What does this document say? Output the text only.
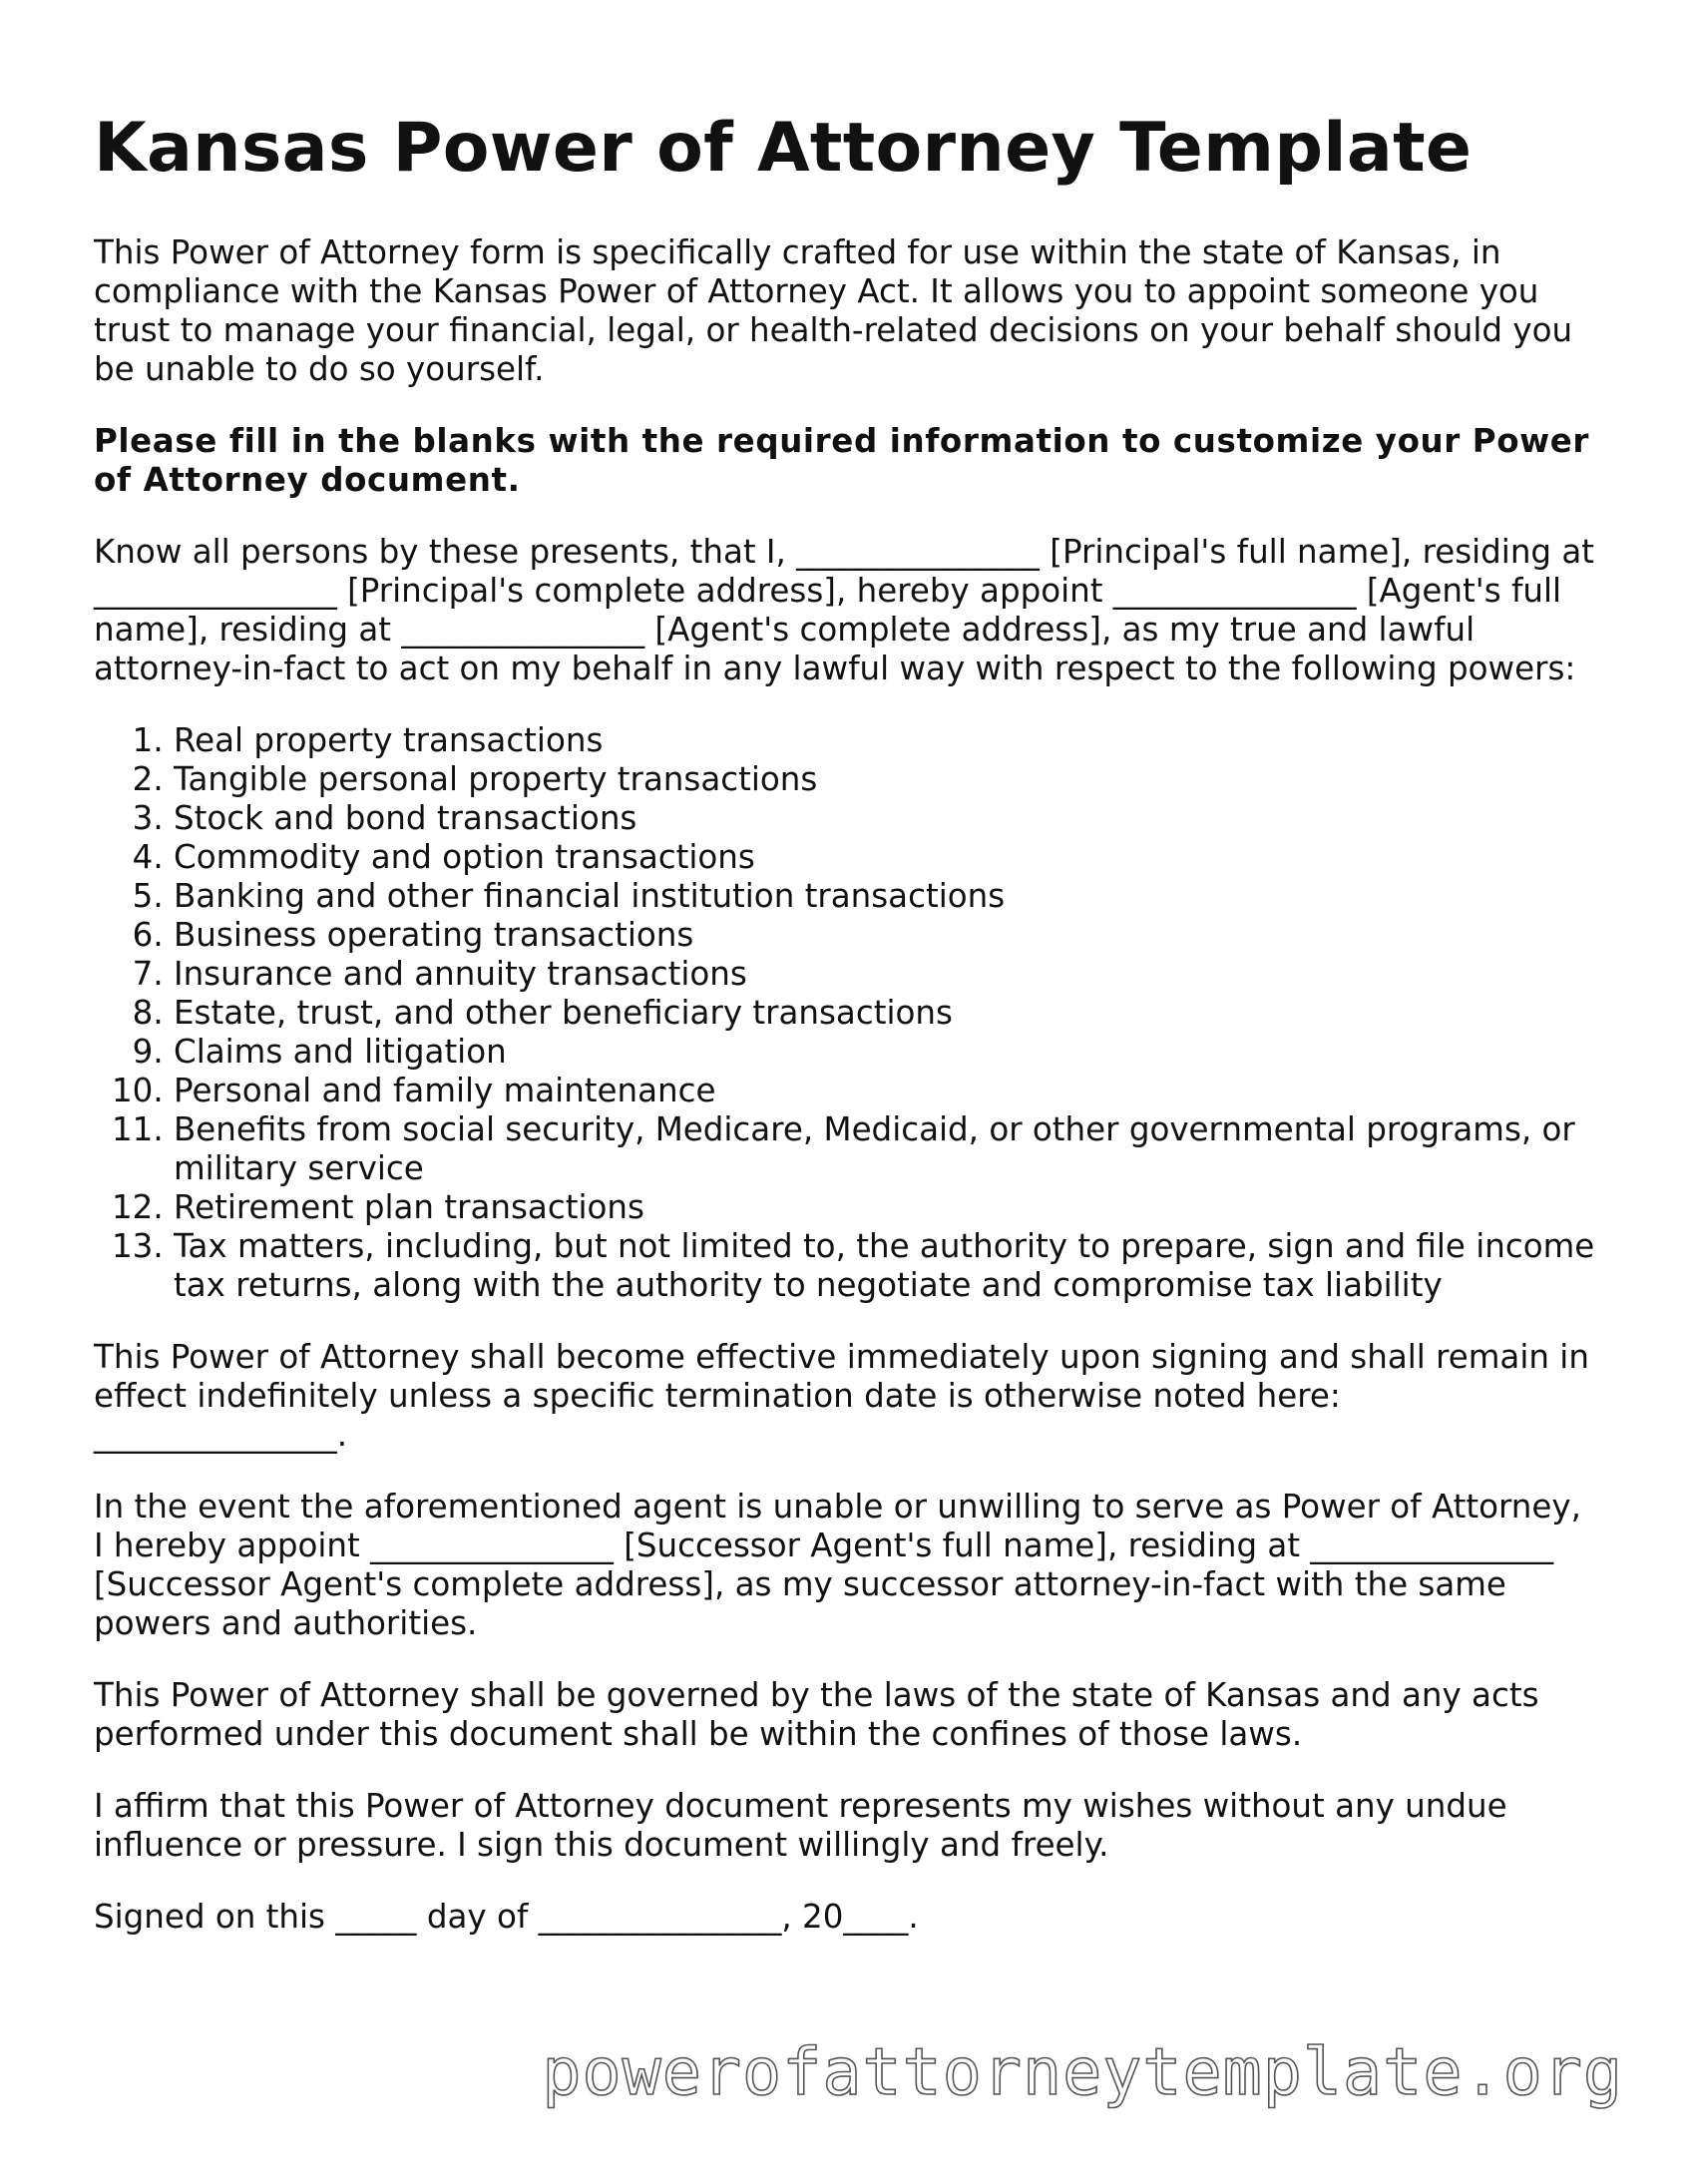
Kansas Power of Attorney Template

This Power of Attorney form is specifically crafted for use within the state of Kansas, in compliance with the Kansas Power of Attorney Act. It allows you to appoint someone you trust to manage your financial, legal, or health-related decisions on your behalf should you be unable to do so yourself.

Please fill in the blanks with the required information to customize your Power of Attorney document.

Know all persons by these presents, that I, _______________ [Principal's full name], residing at _______________ [Principal's complete address], hereby appoint _______________ [Agent's full name], residing at _______________ [Agent's complete address], as my true and lawful attorney-in-fact to act on my behalf in any lawful way with respect to the following powers:

1. Real property transactions
2. Tangible personal property transactions
3. Stock and bond transactions
4. Commodity and option transactions
5. Banking and other financial institution transactions
6. Business operating transactions
7. Insurance and annuity transactions
8. Estate, trust, and other beneficiary transactions
9. Claims and litigation
10. Personal and family maintenance
11. Benefits from social security, Medicare, Medicaid, or other governmental programs, or military service
12. Retirement plan transactions
13. Tax matters, including, but not limited to, the authority to prepare, sign and file income tax returns, along with the authority to negotiate and compromise tax liability

This Power of Attorney shall become effective immediately upon signing and shall remain in effect indefinitely unless a specific termination date is otherwise noted here: _______________.

In the event the aforementioned agent is unable or unwilling to serve as Power of Attorney, I hereby appoint _______________ [Successor Agent's full name], residing at _______________ [Successor Agent's complete address], as my successor attorney-in-fact with the same powers and authorities.

This Power of Attorney shall be governed by the laws of the state of Kansas and any acts performed under this document shall be within the confines of those laws.

I affirm that this Power of Attorney document represents my wishes without any undue influence or pressure. I sign this document willingly and freely.

Signed on this _____ day of _______________, 20____.

powerofattorneytemplate.org
